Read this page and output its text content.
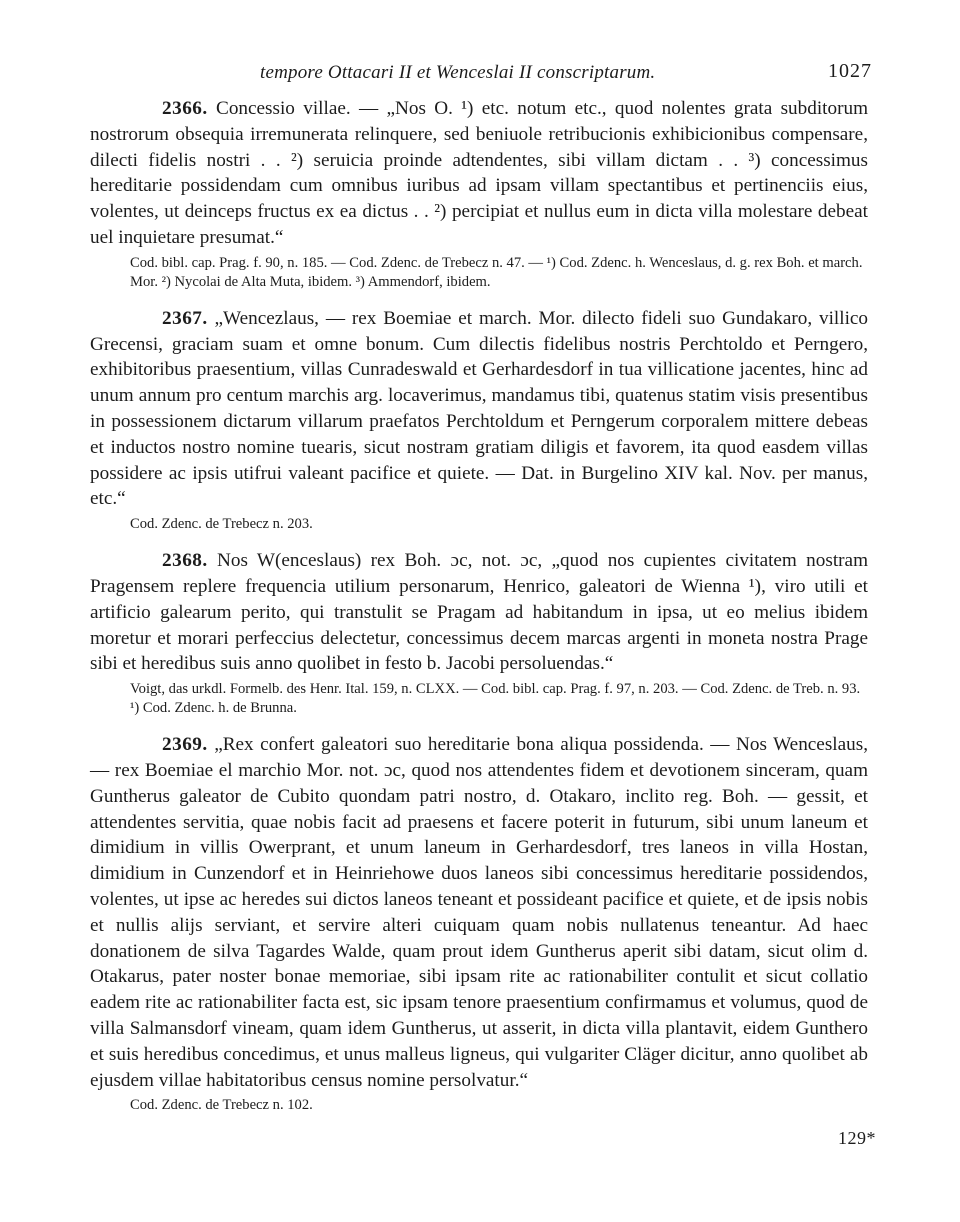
tempore Ottacari II et Wenceslai II conscriptarum.	1027

2366. Concessio villae. — „Nos O. ¹) etc. notum etc., quod nolentes grata subditorum nostrorum obsequia irremunerata relinquere, sed beniuole retribucionis exhibicionibus compensare, dilecti fidelis nostri . . ²) seruicia proinde adtendentes, sibi villam dictam . . ³) concessimus hereditarie possidendam cum omnibus iuribus ad ipsam villam spectantibus et pertinenciis eius, volentes, ut deinceps fructus ex ea dictus . . ²) percipiat et nullus eum in dicta villa molestare debeat uel inquietare presumat.“

Cod. bibl. cap. Prag. f. 90, n. 185. — Cod. Zdenc. de Trebecz n. 47. — ¹) Cod. Zdenc. h. Wenceslaus, d. g. rex Boh. et march. Mor. ²) Nycolai de Alta Muta, ibidem. ³) Ammendorf, ibidem.

2367. „Wencezlaus, — rex Boemiae et march. Mor. dilecto fideli suo Gundakaro, villico Grecensi, graciam suam et omne bonum. Cum dilectis fidelibus nostris Perchtoldo et Perngero, exhibitoribus praesentium, villas Cunradeswald et Gerhardesdorf in tua villicatione jacentes, hinc ad unum annum pro centum marchis arg. locaverimus, mandamus tibi, quatenus statim visis presentibus in possessionem dictarum villarum praefatos Perchtoldum et Perngerum corporalem mittere debeas et inductos nostro nomine tuearis, sicut nostram gratiam diligis et favorem, ita quod easdem villas possidere ac ipsis utifrui valeant pacifice et quiete. — Dat. in Burgelino XIV kal. Nov. per manus, etc.“

Cod. Zdenc. de Trebecz n. 203.

2368. Nos W(enceslaus) rex Boh. ɔc, not. ɔc, „quod nos cupientes civitatem nostram Pragensem replere frequencia utilium personarum, Henrico, galeatori de Wienna ¹), viro utili et artificio galearum perito, qui transtulit se Pragam ad habitandum in ipsa, ut eo melius ibidem moretur et morari perfeccius delectetur, concessimus decem marcas argenti in moneta nostra Prage sibi et heredibus suis anno quolibet in festo b. Jacobi persoluendas.“

Voigt, das urkdl. Formelb. des Henr. Ital. 159, n. CLXX. — Cod. bibl. cap. Prag. f. 97, n. 203. — Cod. Zdenc. de Treb. n. 93. ¹) Cod. Zdenc. h. de Brunna.

2369. „Rex confert galeatori suo hereditarie bona aliqua possidenda. — Nos Wenceslaus, — rex Boemiae el marchio Mor. not. ɔc, quod nos attendentes fidem et devotionem sinceram, quam Guntherus galeator de Cubito quondam patri nostro, d. Otakaro, inclito reg. Boh. — gessit, et attendentes servitia, quae nobis facit ad praesens et facere poterit in futurum, sibi unum laneum et dimidium in villis Owerprant, et unum laneum in Gerhardesdorf, tres laneos in villa Hostan, dimidium in Cunzendorf et in Heinriehowe duos laneos sibi concessimus hereditarie possidendos, volentes, ut ipse ac heredes sui dictos laneos teneant et possideant pacifice et quiete, et de ipsis nobis et nullis alijs serviant, et servire alteri cuiquam quam nobis nullatenus teneantur. Ad haec donationem de silva Tagardes Walde, quam prout idem Guntherus aperit sibi datam, sicut olim d. Otakarus, pater noster bonae memoriae, sibi ipsam rite ac rationabiliter contulit et sicut collatio eadem rite ac rationabiliter facta est, sic ipsam tenore praesentium confirmamus et volumus, quod de villa Salmansdorf vineam, quam idem Guntherus, ut asserit, in dicta villa plantavit, eidem Gunthero et suis heredibus concedimus, et unus malleus ligneus, qui vulgariter Cläger dicitur, anno quolibet ab ejusdem villae habitatoribus census nomine persolvatur.“

Cod. Zdenc. de Trebecz n. 102.

129*
